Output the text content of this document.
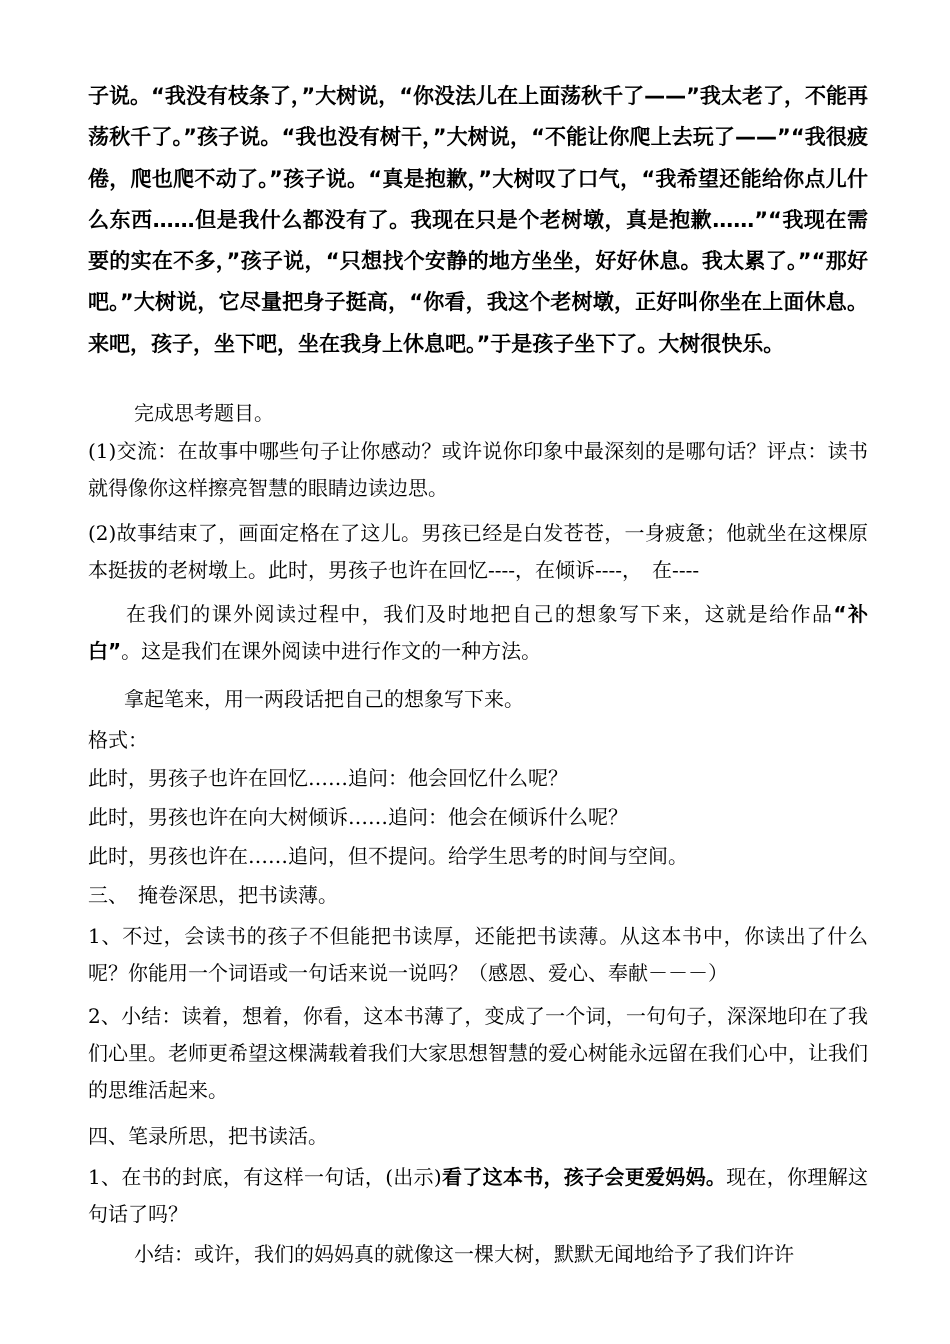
子说。“我没有枝条了，”大树说，“你没法儿在上面荡秋千了——”我太老了，不能再荡秋千了。”孩子说。“我也没有树干，”大树说，“不能让你爬上去玩了——”“我很疲倦，爬也爬不动了。”孩子说。“真是抱歉，”大树叹了口气，“我希望还能给你点儿什么东西……但是我什么都没有了。我现在只是个老树墩，真是抱歉……”“我现在需要的实在不多，”孩子说，“只想找个安静的地方坐坐，好好休息。我太累了。”“那好吧。”大树说，它尽量把身子挺高，“你看，我这个老树墩，正好叫你坐在上面休息。来吧，孩子，坐下吧，坐在我身上休息吧。”于是孩子坐下了。大树很快乐。
完成思考题目。
(1)交流：在故事中哪些句子让你感动？或许说你印象中最深刻的是哪句话？评点：读书就得像你这样擦亮智慧的眼睛边读边思。
(2)故事结束了，画面定格在了这儿。男孩已经是白发苍苍，一身疲惫；他就坐在这棵原本挺拔的老树墩上。此时，男孩子也许在回忆----，在倾诉----，　在----
在我们的课外阅读过程中，我们及时地把自己的想象写下来，这就是给作品“补白”。这是我们在课外阅读中进行作文的一种方法。
拿起笔来，用一两段话把自己的想象写下来。
格式：
此时，男孩子也许在回忆……追问：他会回忆什么呢？
此时，男孩也许在向大树倾诉……追问：他会在倾诉什么呢？
此时，男孩也许在……追问，但不提问。给学生思考的时间与空间。
三、　掩卷深思，把书读薄。
1、不过，会读书的孩子不但能把书读厚，还能把书读薄。从这本书中，你读出了什么呢？你能用一个词语或一句话来说一说吗？（感恩、爱心、奉献－－－）
2、小结：读着，想着，你看，这本书薄了，变成了一个词，一句句子，深深地印在了我们心里。老师更希望这棵满载着我们大家思想智慧的爱心树能永远留在我们心中，让我们的思维活起来。
四、笔录所思，把书读活。
1、在书的封底，有这样一句话，(出示)看了这本书，孩子会更爱妈妈。现在，你理解这句话了吗？
小结：或许，我们的妈妈真的就像这一棵大树，默默无闻地给予了我们许许
